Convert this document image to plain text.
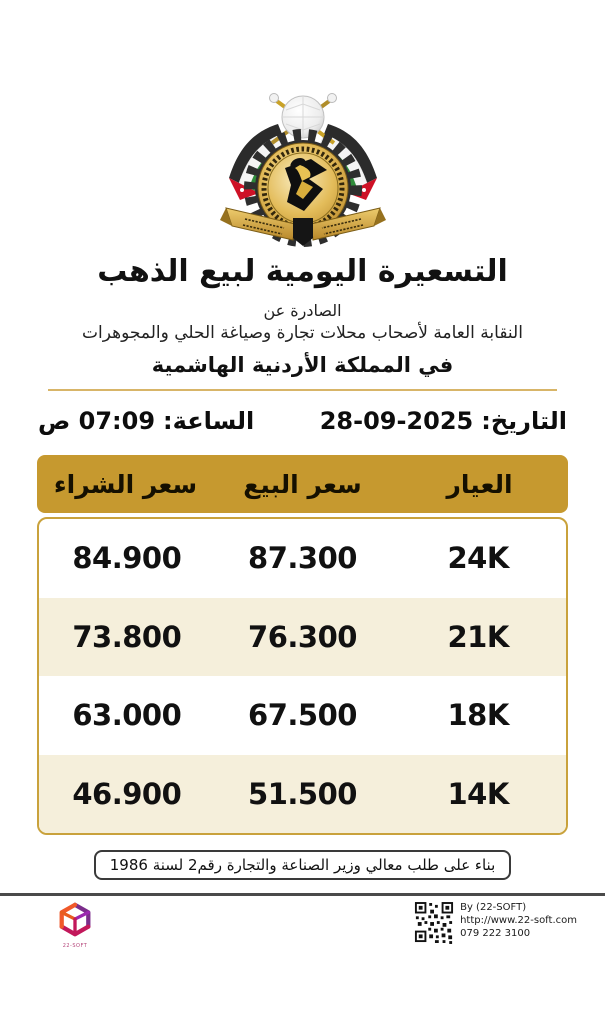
التسعيرة اليومية لبيع الذهب
الصادرة عن
النقابة العامة لأصحاب محلات تجارة وصياغة الحلي والمجوهرات
في المملكة الأردنية الهاشمية
التاريخ:
28-09-2025
الساعة:
07:09 ص
العيار
سعر البيع
سعر الشراء
24K
87.300
84.900
21K
76.300
73.800
18K
67.500
63.000
14K
51.500
46.900
بناء على طلب معالي وزير الصناعة والتجارة رقم2 لسنة 1986
22-SOFT
By (22-SOFT)
http://www.22-soft.com
079 222 3100
